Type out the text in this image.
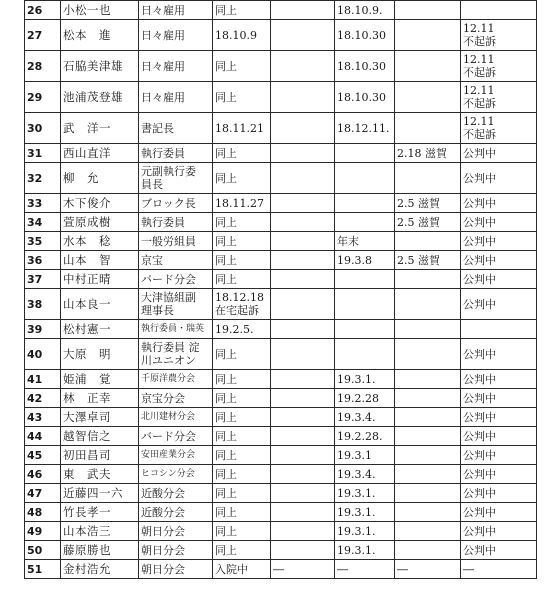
26	小松一也	日々雇用	同上		18.10.9.		

27	松本　進	日々雇用	18.10.9		18.10.30		12.11
不起訴

28	石脇美津雄	日々雇用	同上		18.10.30		12.11
不起訴

29	池浦茂登雄	日々雇用	同上		18.10.30		12.11
不起訴

30	武　洋一	書記長	18.11.21		18.12.11.		12.11
不起訴

31	西山直洋	執行委員	同上			2.18 滋賀	公判中

32	柳　允	元副執行委
員長	同上				公判中

33	木下俊介	ブロック長	18.11.27			2.5 滋賀	公判中

34	萱原成樹	執行委員	同上			2.5 滋賀	公判中

35	水本　稔	一般労組員	同上		年末		公判中

36	山本　智	京宝	同上		19.3.8	2.5 滋賀	公判中

37	中村正晴	バード分会	同上				公判中

38	山本良一	大津協組副
理事長	18.12.18
在宅起訴				公判中

39	松村憲一	執行委員・瑞英	19.2.5.				

40	大原　明	執行委員 淀
川ユニオン	同上				公判中

41	姫浦　覚	千原洋農分会	同上		19.3.1.		公判中

42	林　正幸	京宝分会	同上		19.2.28		公判中

43	大澤卓司	北川建材分会	同上		19.3.4.		公判中

44	越智信之	バード分会	同上		19.2.28.		公判中

45	初田昌司	安田産業分会	同上		19.3.1		公判中

46	東　武夫	ヒコシン分会	同上		19.3.4.		公判中

47	近藤四一六	近酸分会	同上		19.3.1.		公判中

48	竹長孝一	近酸分会	同上		19.3.1.		公判中

49	山本浩三	朝日分会	同上		19.3.1.		公判中

50	藤原勝也	朝日分会	同上		19.3.1.		公判中

51	金村浩允	朝日分会	入院中	―	―	―	―
